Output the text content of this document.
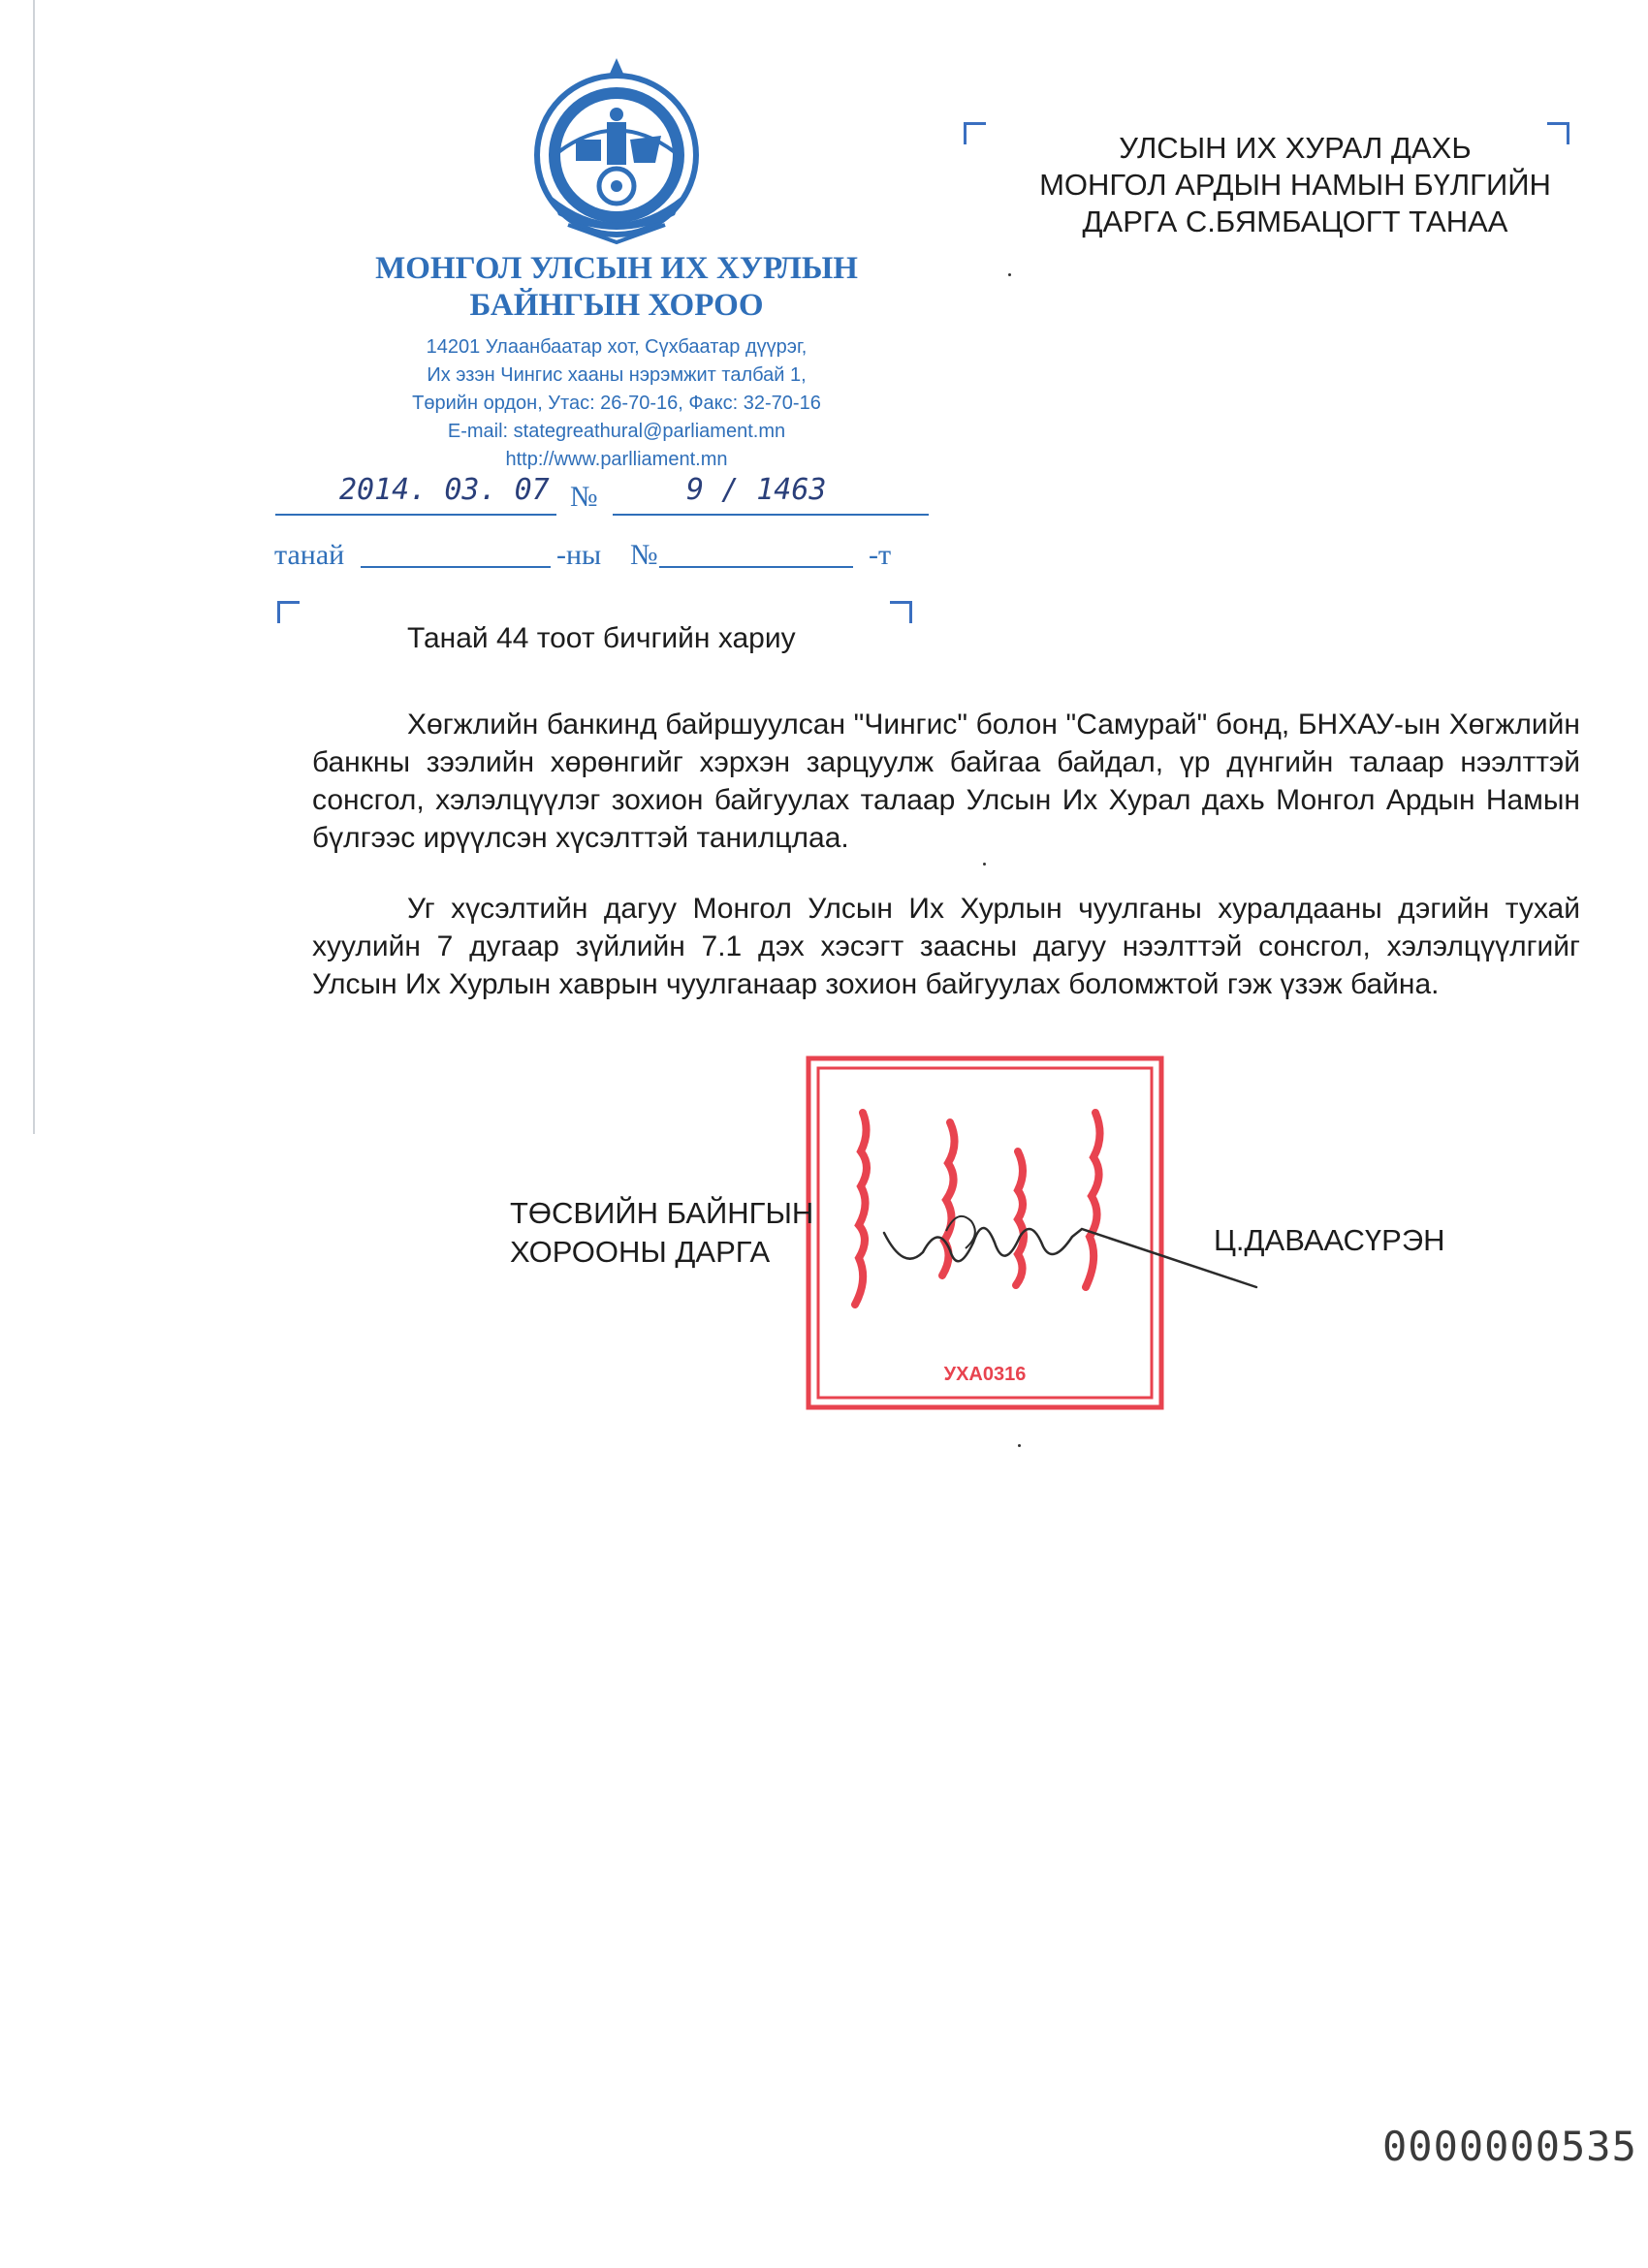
МОНГОЛ УЛСЫН ИХ ХУРЛЫН
БАЙНГЫН ХОРОО
14201 Улаанбаатар хот, Сүхбаатар дүүрэг,
Их эзэн Чингис хааны нэрэмжит талбай 1,
Төрийн ордон, Утас: 26-70-16, Факс: 32-70-16
E-mail: stategreathural@parliament.mn
http://www.parlliament.mn
2014. 03. 07 №	9 / 1463
танай	-ны №	-т
УЛСЫН ИХ ХУРАЛ ДАХЬ
МОНГОЛ АРДЫН НАМЫН БҮЛГИЙН
ДАРГА С.БЯМБАЦОГТ ТАНАА
Танай 44 тоот бичгийн хариу
Хөгжлийн банкинд байршуулсан "Чингис" болон "Самурай" бонд, БНХАУ-ын Хөгжлийн банкны зээлийн хөрөнгийг хэрхэн зарцуулж байгаа байдал, үр дүнгийн талаар нээлттэй сонсгол, хэлэлцүүлэг зохион байгуулах талаар Улсын Их Хурал дахь Монгол Ардын Намын бүлгээс ирүүлсэн хүсэлттэй танилцлаа.
Уг хүсэлтийн дагуу Монгол Улсын Их Хурлын чуулганы хуралдааны дэгийн тухай хуулийн 7 дугаар зүйлийн 7.1 дэх хэсэгт заасны дагуу нээлттэй сонсгол, хэлэлцүүлгийг Улсын Их Хурлын хаврын чуулганаар зохион байгуулах боломжтой гэж үзэж байна.
УХА0316
ТӨСВИЙН БАЙНГЫН
ХОРООНЫ ДАРГА	Ц.ДАВААСҮРЭН
0000000535
